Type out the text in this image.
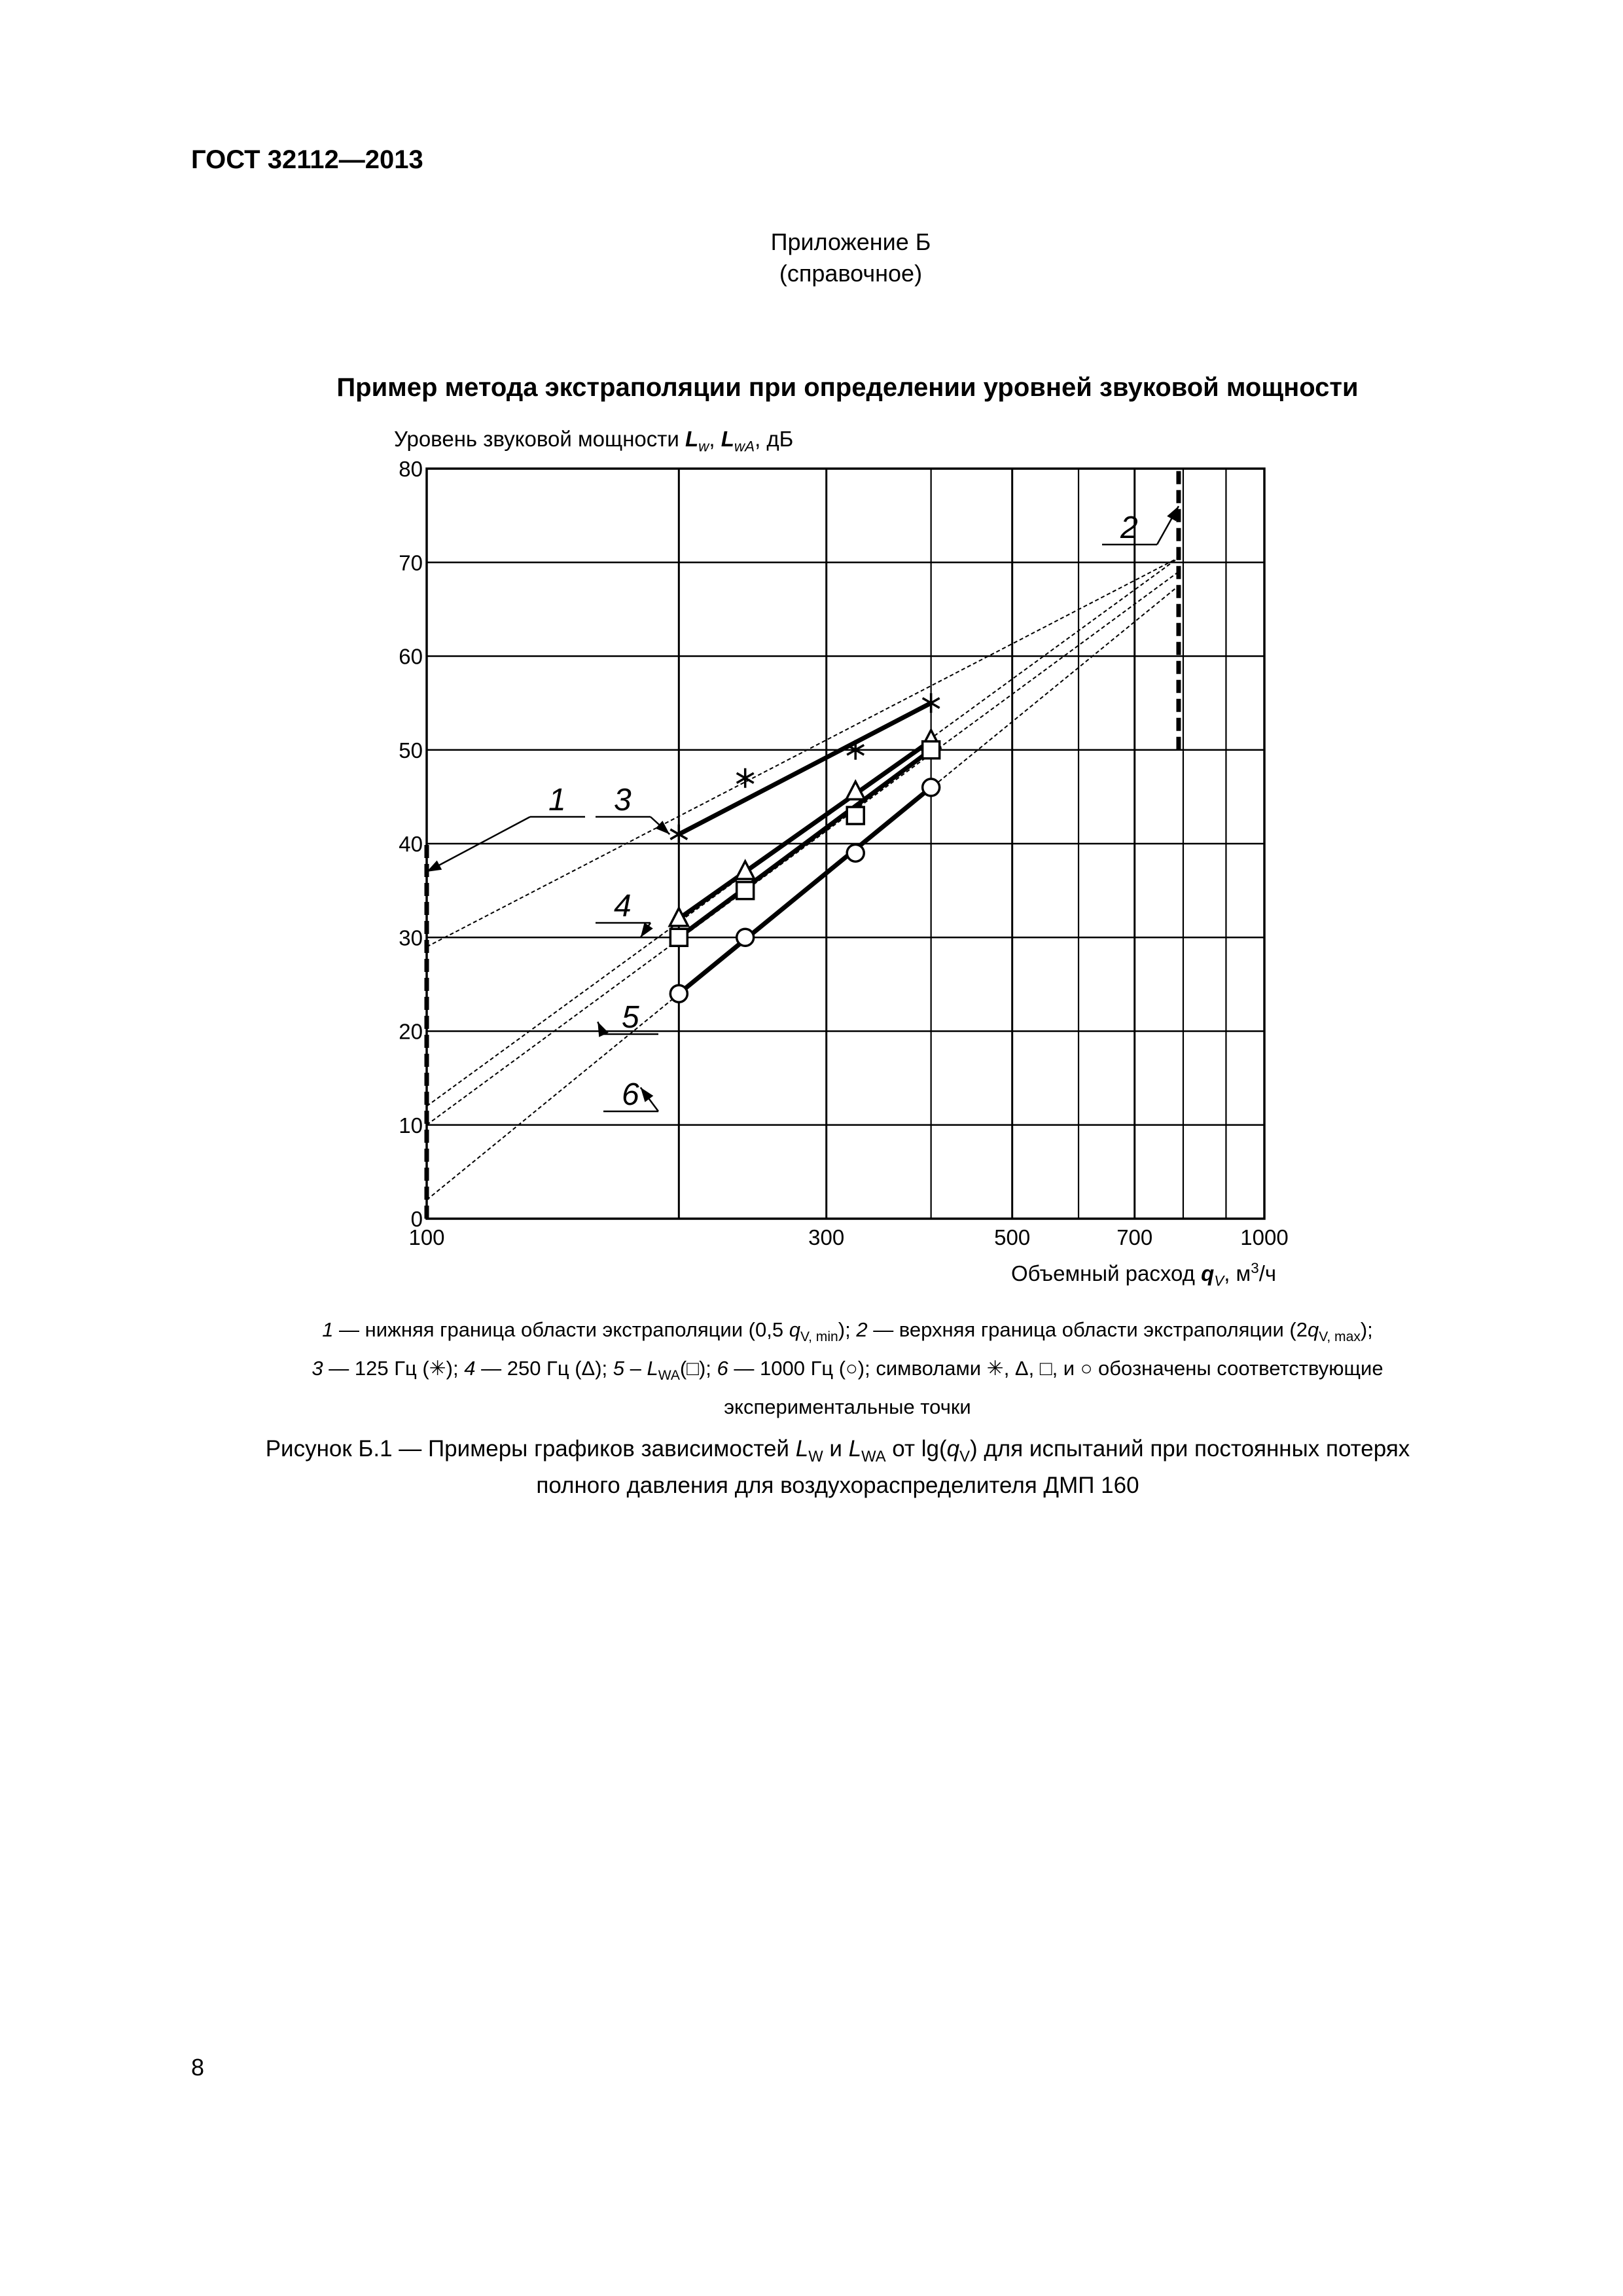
ГОСТ 32112—2013
Приложение Б
(справочное)
Пример метода экстраполяции при определении уровней звуковой мощности
Уровень звуковой мощности $L_w$, $L_{wA}$, дБ
0
10
20
30
40
50
60
70
80
100	300	500	700	1000
1
2
3
4
5
6
Объемный расход $q_V$, $м^3/ч$
1 — нижняя граница области экстраполяции (0,5 $q_{V, min}$); 2 — верхняя граница области экстраполяции $(2q_{V, max})$;
3 — 125 Гц (✳); 4 — 250 Гц (Δ); $5 - L_{WA}(□)$; 6 — 1000 Гц (○); символами ✳, Δ, □, и ○ обозначены соответствующие
экспериментальные точки
Рисунок Б.1 — Примеры графиков зависимостей $L_W$ и $L_{WA}$ от $\lg(q_V)$ для испытаний при постоянных потерях
полного давления для воздухораспределителя ДМП 160
8
